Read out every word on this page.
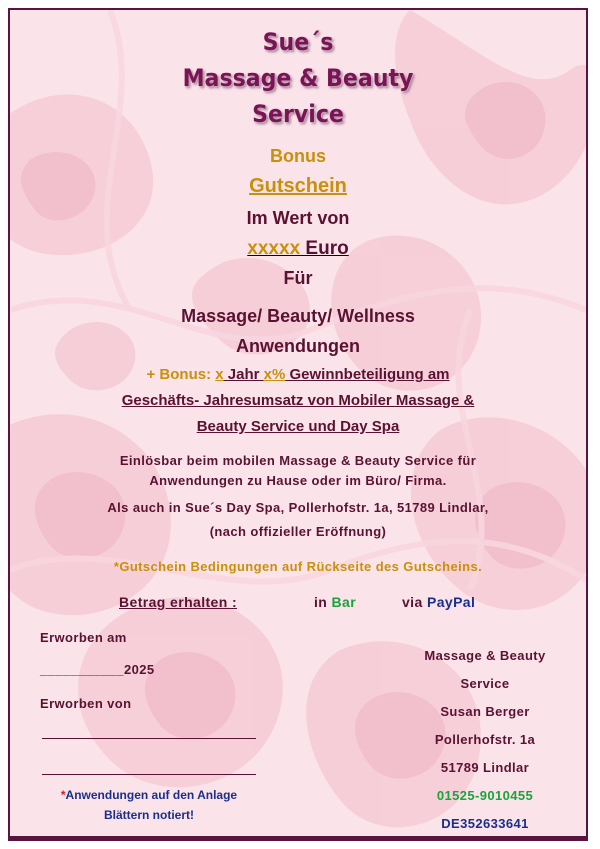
Sue´s
Massage & Beauty
Service
Bonus
Gutschein
Im Wert von
xxxxx Euro
Für
Massage/ Beauty/ Wellness
Anwendungen
+ Bonus: x Jahr x% Gewinnbeteiligung am
Geschäfts- Jahresumsatz von Mobiler Massage &
Beauty Service und Day Spa
Einlösbar beim mobilen Massage & Beauty Service für
Anwendungen zu Hause oder im Büro/ Firma.
Als auch in Sue´s Day Spa, Pollerhofstr. 1a, 51789 Lindlar,
(nach offizieller Eröffnung)
*Gutschein Bedingungen auf Rückseite des Gutscheins.
Betrag erhalten :	in Bar	via PayPal
Erworben am
___________2025
Erworben von
*Anwendungen auf den Anlage
Blättern notiert!
Massage & Beauty
Service
Susan Berger
Pollerhofstr. 1a
51789 Lindlar
01525-9010455
DE352633641
